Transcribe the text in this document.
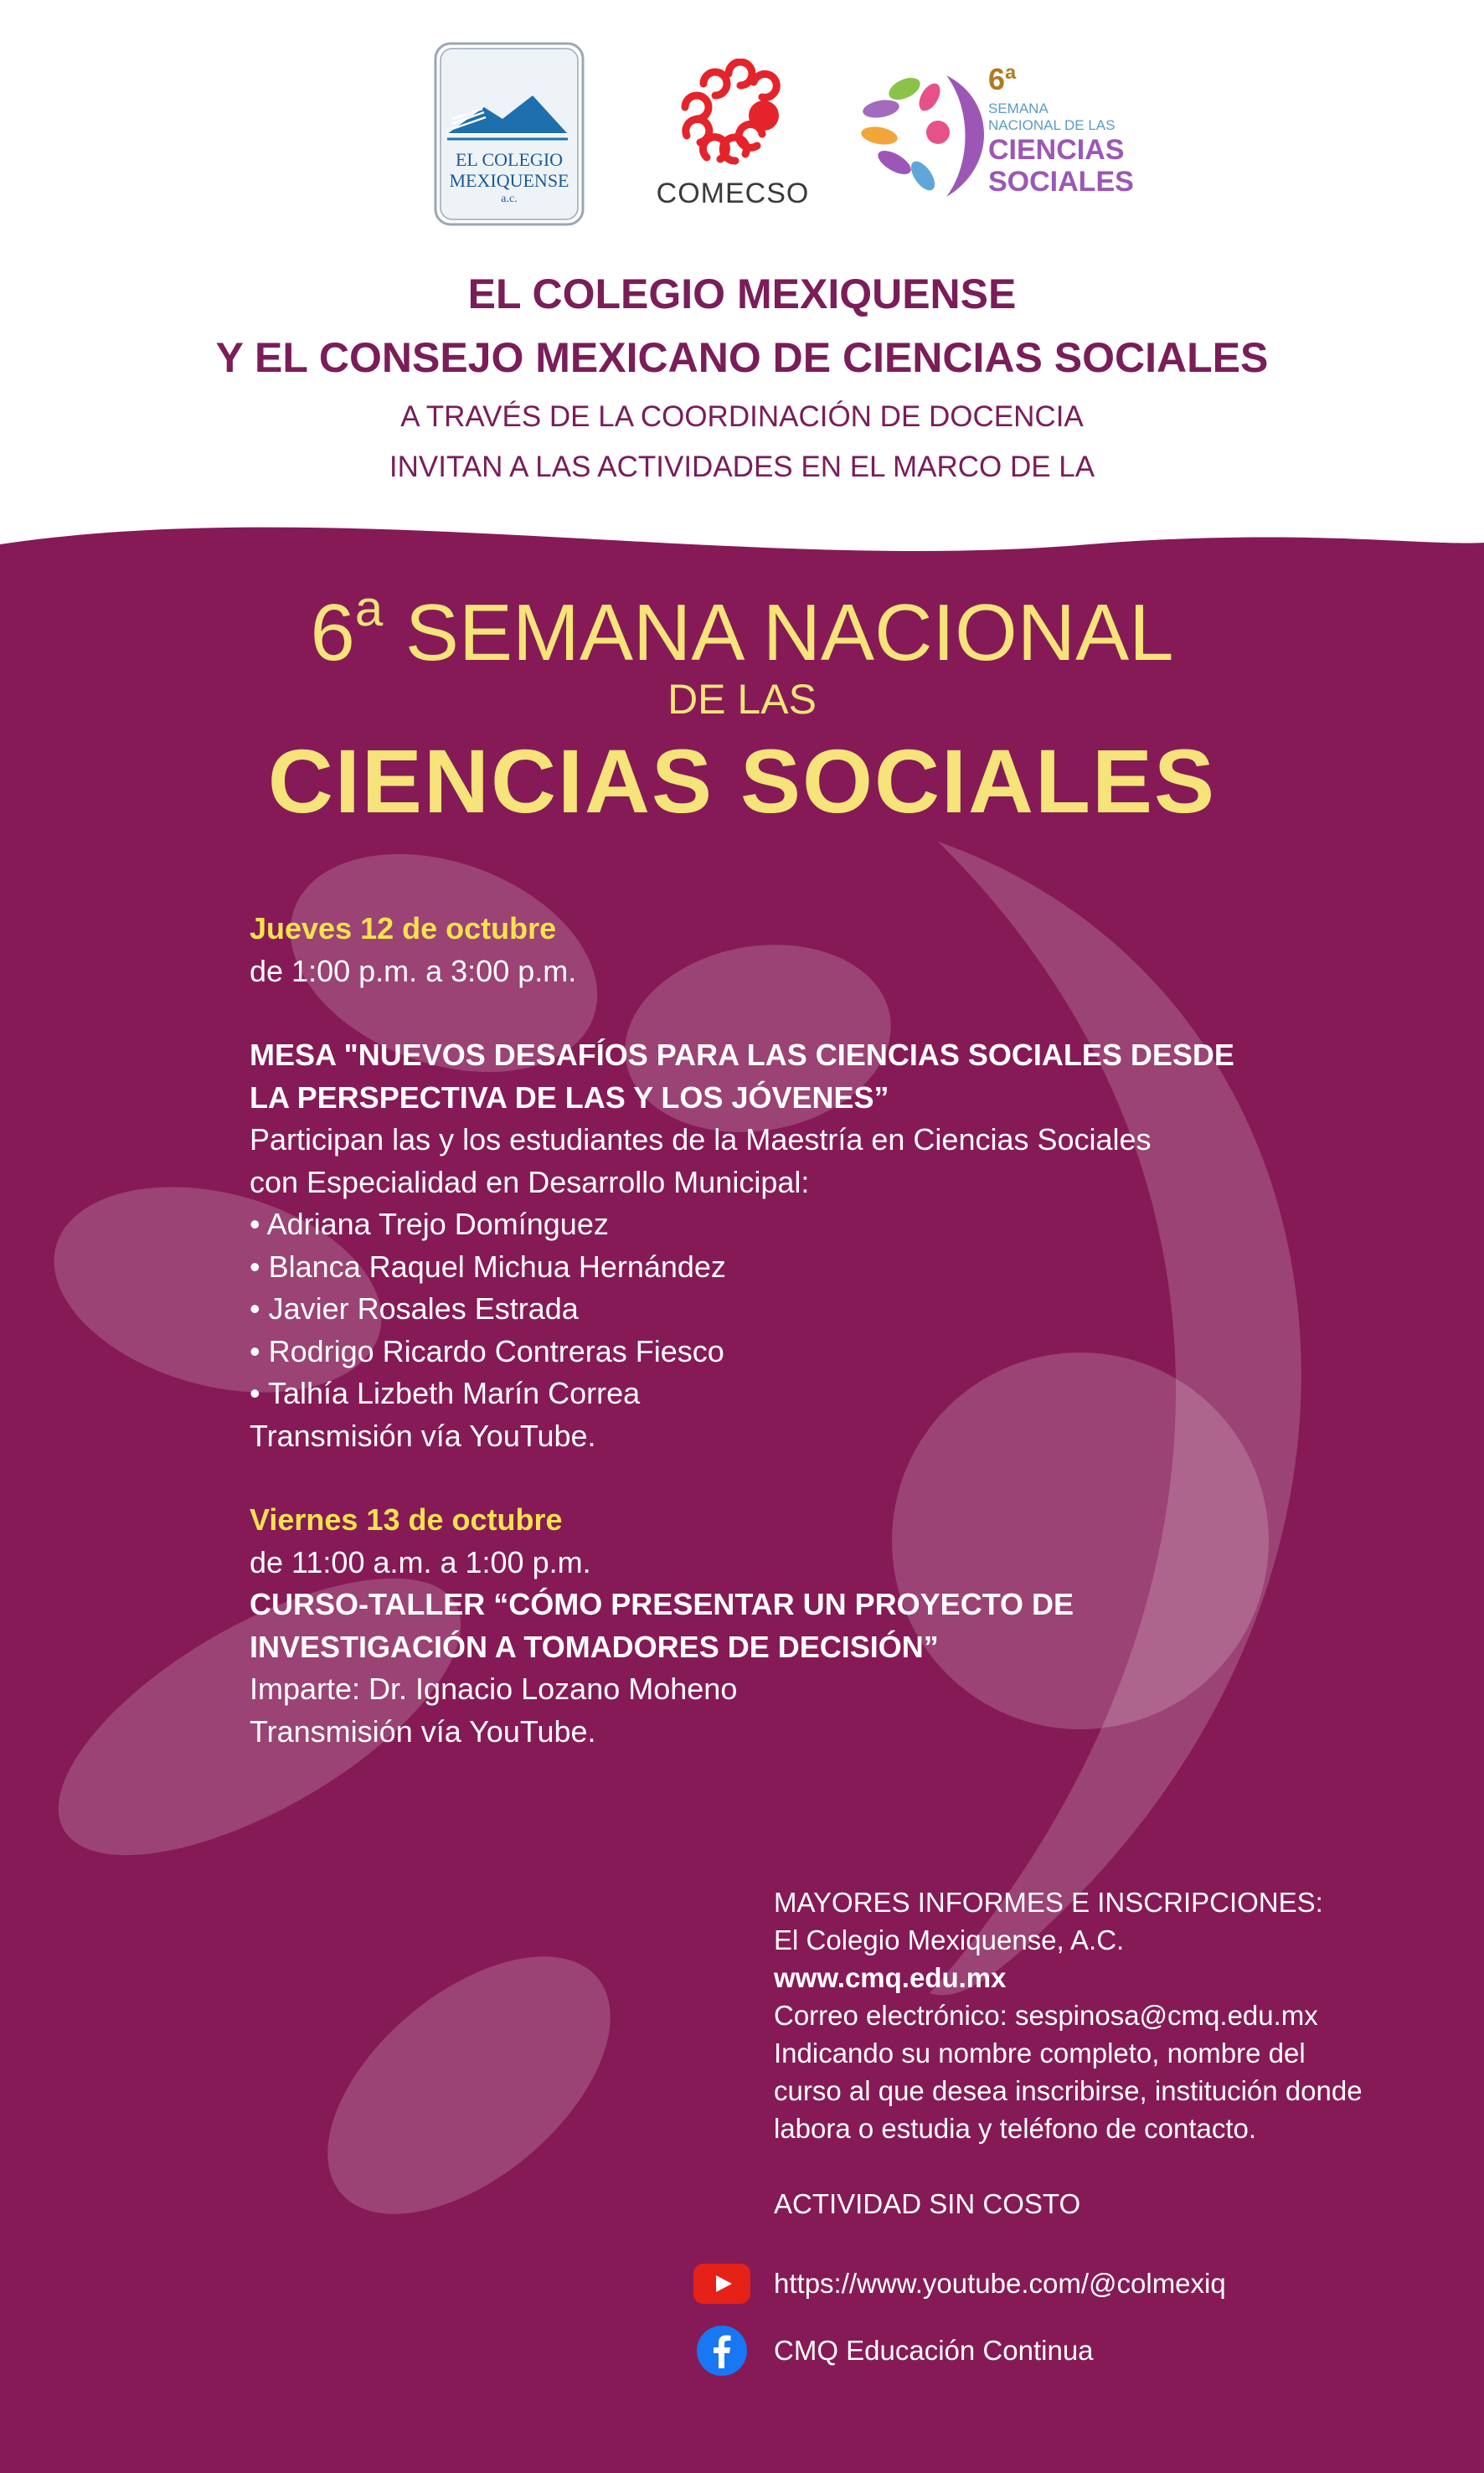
EL COLEGIO
MEXIQUENSE
a.c.	COMECSO
6ª
SEMANA
NACIONAL DE LAS
CIENCIAS
SOCIALES
EL COLEGIO MEXIQUENSE
Y EL CONSEJO MEXICANO DE CIENCIAS SOCIALES
A TRAVÉS DE LA COORDINACIÓN DE DOCENCIA
INVITAN A LAS ACTIVIDADES EN EL MARCO DE LA
6$^a$ SEMANA NACIONAL
DE LAS
CIENCIAS SOCIALES
Jueves 12 de octubre
de 1:00 p.m. a 3:00 p.m.
MESA "NUEVOS DESAFÍOS PARA LAS CIENCIAS SOCIALES DESDE
LA PERSPECTIVA DE LAS Y LOS JÓVENES”
Participan las y los estudiantes de la Maestría en Ciencias Sociales
con Especialidad en Desarrollo Municipal:
• Adriana Trejo Domínguez
• Blanca Raquel Michua Hernández
• Javier Rosales Estrada
• Rodrigo Ricardo Contreras Fiesco
• Talhía Lizbeth Marín Correa
Transmisión vía YouTube.
Viernes 13 de octubre
de 11:00 a.m. a 1:00 p.m.
CURSO-TALLER “CÓMO PRESENTAR UN PROYECTO DE
INVESTIGACIÓN A TOMADORES DE DECISIÓN”
Imparte: Dr. Ignacio Lozano Moheno
Transmisión vía YouTube.
MAYORES INFORMES E INSCRIPCIONES:
El Colegio Mexiquense, A.C.
www.cmq.edu.mx
Correo electrónico: sespinosa@cmq.edu.mx
Indicando su nombre completo, nombre del
curso al que desea inscribirse, institución donde
labora o estudia y teléfono de contacto.
ACTIVIDAD SIN COSTO
https://www.youtube.com/@colmexiq
CMQ Educación Continua
